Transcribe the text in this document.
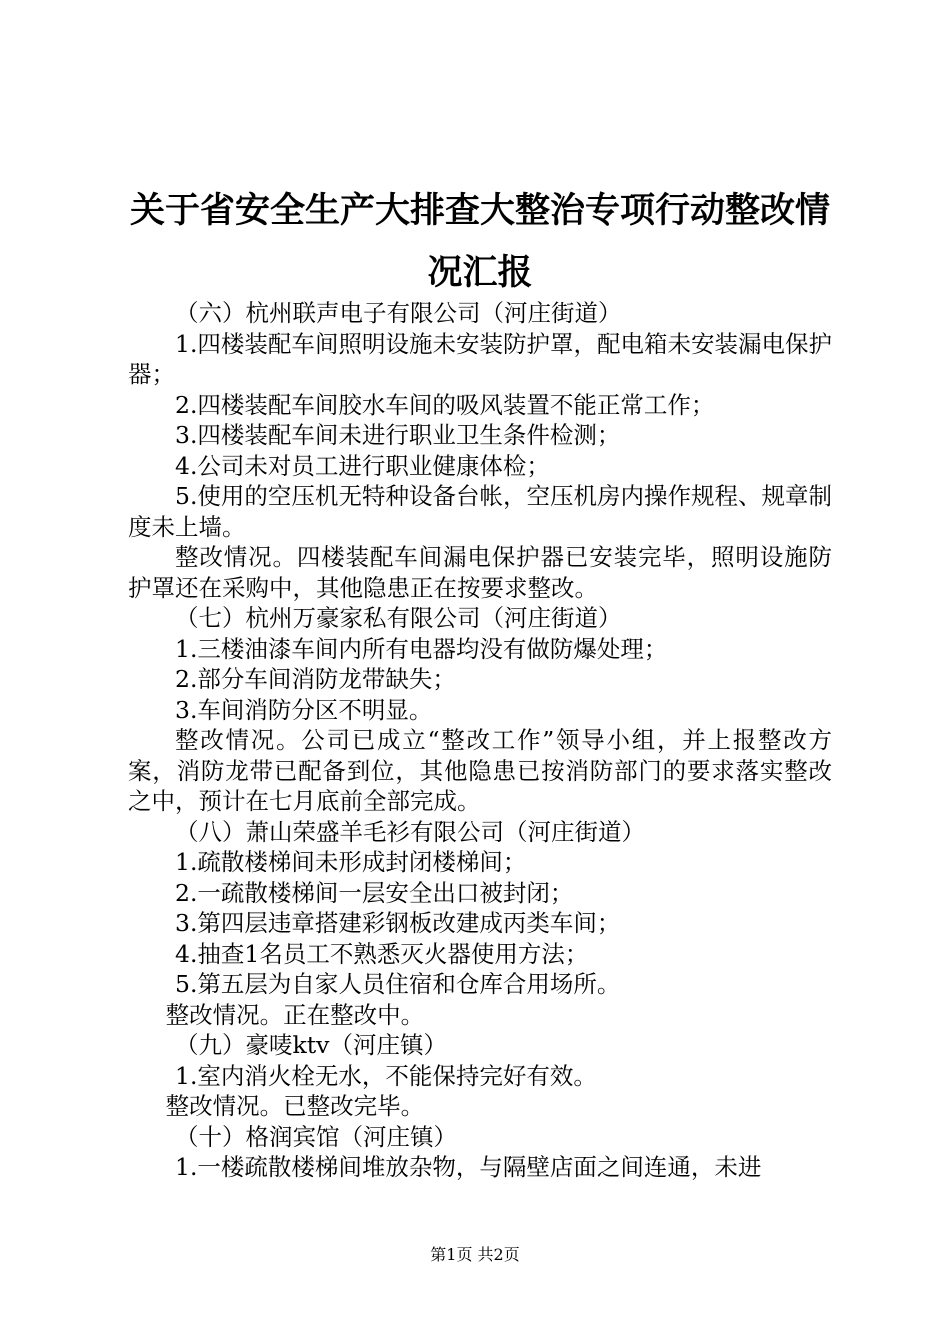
关于省安全生产大排查大整治专项行动整改情况汇报

（六）杭州联声电子有限公司（河庄街道）

1.四楼装配车间照明设施未安装防护罩，配电箱未安装漏电保护器；

2.四楼装配车间胶水车间的吸风装置不能正常工作；

3.四楼装配车间未进行职业卫生条件检测；

4.公司未对员工进行职业健康体检；

5.使用的空压机无特种设备台帐，空压机房内操作规程、规章制度未上墙。

整改情况。四楼装配车间漏电保护器已安装完毕，照明设施防护罩还在采购中，其他隐患正在按要求整改。

（七）杭州万豪家私有限公司（河庄街道）

1.三楼油漆车间内所有电器均没有做防爆处理；

2.部分车间消防龙带缺失；

3.车间消防分区不明显。

整改情况。公司已成立“整改工作”领导小组，并上报整改方案，消防龙带已配备到位，其他隐患已按消防部门的要求落实整改之中，预计在七月底前全部完成。

（八）萧山荣盛羊毛衫有限公司（河庄街道）

1.疏散楼梯间未形成封闭楼梯间；

2.一疏散楼梯间一层安全出口被封闭；

3.第四层违章搭建彩钢板改建成丙类车间；

4.抽查1名员工不熟悉灭火器使用方法；

5.第五层为自家人员住宿和仓库合用场所。

整改情况。正在整改中。

（九）豪唛ktv（河庄镇）

1.室内消火栓无水，不能保持完好有效。

整改情况。已整改完毕。

（十）格润宾馆（河庄镇）

1.一楼疏散楼梯间堆放杂物，与隔壁店面之间连通，未进

第1页 共2页
